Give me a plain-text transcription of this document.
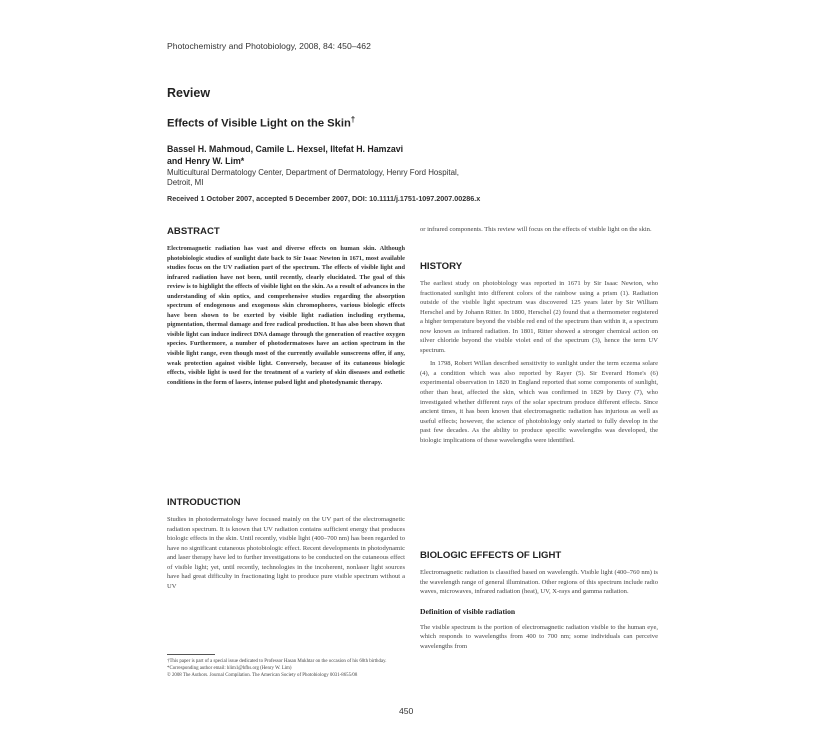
Photochemistry and Photobiology, 2008, 84: 450–462
Review
Effects of Visible Light on the Skin†
Bassel H. Mahmoud, Camile L. Hexsel, Iltefat H. Hamzavi
and Henry W. Lim*
Multicultural Dermatology Center, Department of Dermatology, Henry Ford Hospital,
Detroit, MI
Received 1 October 2007, accepted 5 December 2007, DOI: 10.1111/j.1751-1097.2007.00286.x
ABSTRACT

Electromagnetic radiation has vast and diverse effects on human skin. Although photobiologic studies of sunlight date back to Sir Isaac Newton in 1671, most available studies focus on the UV radiation part of the spectrum. The effects of visible light and infrared radiation have not been, until recently, clearly elucidated. The goal of this review is to highlight the effects of visible light on the skin. As a result of advances in the understanding of skin optics, and comprehensive studies regarding the absorption spectrum of endogenous and exogenous skin chromophores, various biologic effects have been shown to be exerted by visible light radiation including erythema, pigmentation, thermal damage and free radical production. It has also been shown that visible light can induce indirect DNA damage through the generation of reactive oxygen species. Furthermore, a number of photodermatoses have an action spectrum in the visible light range, even though most of the currently available sunscreens offer, if any, weak protection against visible light. Conversely, because of its cutaneous biologic effects, visible light is used for the treatment of a variety of skin diseases and esthetic conditions in the form of lasers, intense pulsed light and photodynamic therapy.

INTRODUCTION

Studies in photodermatology have focused mainly on the UV part of the electromagnetic radiation spectrum. It is known that UV radiation contains sufficient energy that produces biologic effects in the skin. Until recently, visible light (400–700 nm) has been regarded to have no significant cutaneous photobiologic effect. Recent developments in photodynamic and laser therapy have led to further investigations to be conducted on the cutaneous effect of visible light; yet, until recently, technologies in the incoherent, nonlaser light sources have had great difficulty in fractionating light to produce pure visible spectrum without a UV

†This paper is part of a special issue dedicated to Professor Hasan Mukhtar on the occasion of his 60th birthday.

*Corresponding author email: hlim1@hfhs.org (Henry W. Lim)

© 2008 The Authors. Journal Compilation. The American Society of Photobiology 0031-8655/08

or infrared components. This review will focus on the effects of visible light on the skin.

HISTORY

The earliest study on photobiology was reported in 1671 by Sir Isaac Newton, who fractionated sunlight into different colors of the rainbow using a prism (1). Radiation outside of the visible light spectrum was discovered 125 years later by Sir William Herschel and by Johann Ritter. In 1800, Herschel (2) found that a thermometer registered a higher temperature beyond the visible red end of the spectrum than within it, a spectrum now known as infrared radiation. In 1801, Ritter showed a stronger chemical action on silver chloride beyond the visible violet end of the spectrum (3), hence the term UV spectrum.

In 1798, Robert Willan described sensitivity to sunlight under the term eczema solare (4), a condition which was also reported by Rayer (5). Sir Everard Home's (6) experimental observation in 1820 in England reported that some components of sunlight, other than heat, affected the skin, which was confirmed in 1829 by Davy (7), who investigated whether different rays of the solar spectrum produce different effects. Since ancient times, it has been known that electromagnetic radiation has injurious as well as useful effects; however, the science of photobiology only started to fully develop in the past few decades. As the ability to produce specific wavelengths was developed, the biologic implications of these wavelengths were identified.

BIOLOGIC EFFECTS OF LIGHT

Electromagnetic radiation is classified based on wavelength. Visible light (400–760 nm) is the wavelength range of general illumination. Other regions of this spectrum include radio waves, microwaves, infrared radiation (heat), UV, X-rays and gamma radiation.

Definition of visible radiation

The visible spectrum is the portion of electromagnetic radiation visible to the human eye, which responds to wavelengths from 400 to 700 nm; some individuals can perceive wavelengths from

450
